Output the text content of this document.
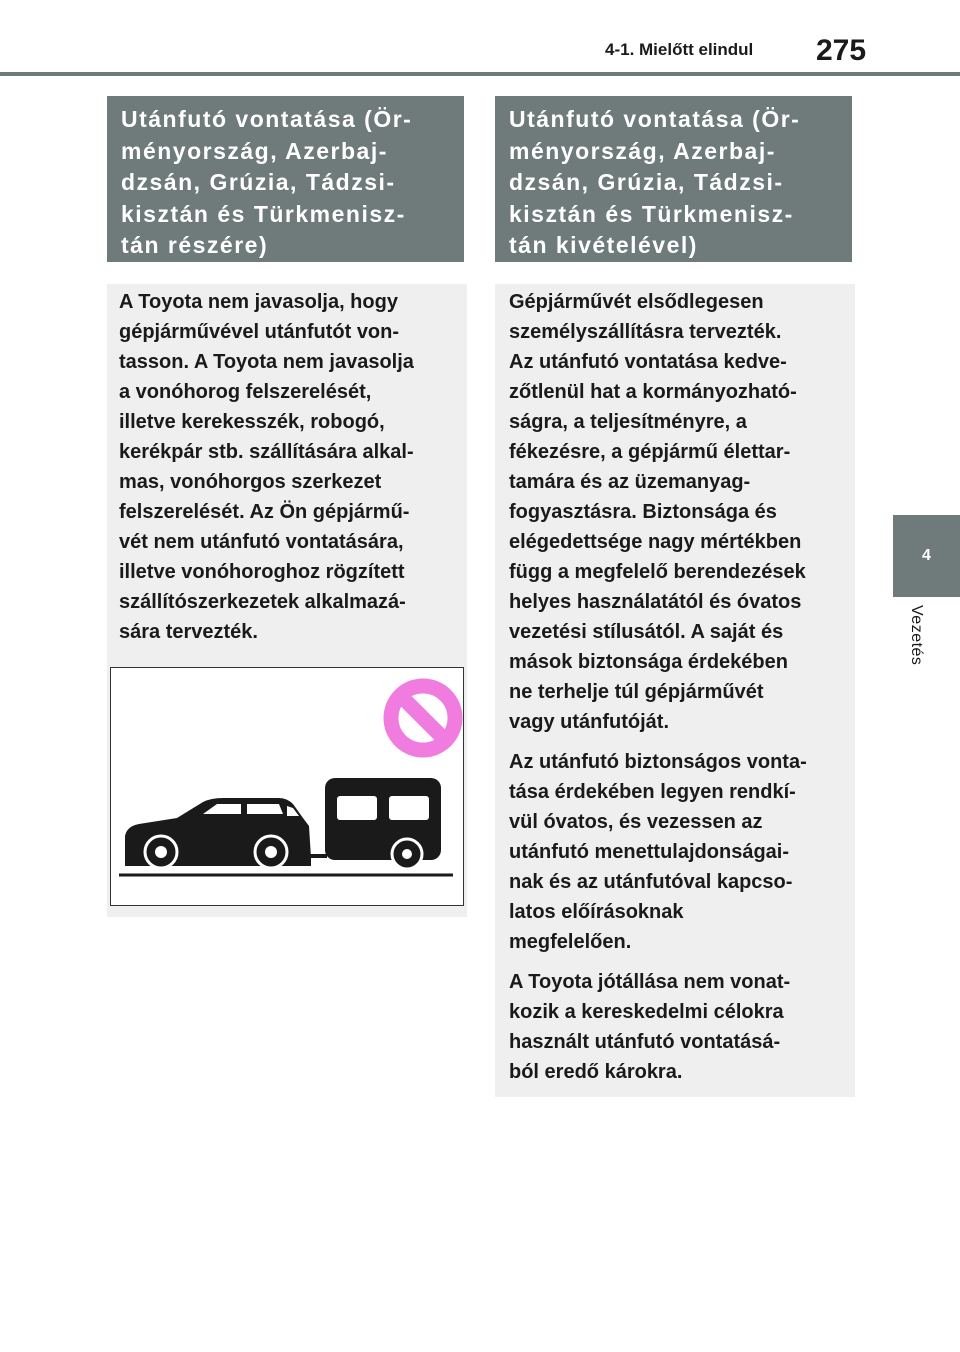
4-1. Mielőtt elindul	275
4
Vezetés
Utánfutó vontatása (Ör-
ményország, Azerbaj-
dzsán, Grúzia, Tádzsi-
kisztán és Türkmenisz-
tán részére)
A Toyota nem javasolja, hogy
gépjárművével utánfutót von-
tasson. A Toyota nem javasolja
a vonóhorog felszerelését,
illetve kerekesszék, robogó,
kerékpár stb. szállítására alkal-
mas, vonóhorgos szerkezet
felszerelését. Az Ön gépjármű-
vét nem utánfutó vontatására,
illetve vonóhoroghoz rögzített
szállítószerkezetek alkalmazá-
sára tervezték.
Utánfutó vontatása (Ör-
ményország, Azerbaj-
dzsán, Grúzia, Tádzsi-
kisztán és Türkmenisz-
tán kivételével)
Gépjárművét elsődlegesen
személyszállításra tervezték.
Az utánfutó vontatása kedve-
zőtlenül hat a kormányozható-
ságra, a teljesítményre, a
fékezésre, a gépjármű élettar-
tamára és az üzemanyag-
fogyasztásra. Biztonsága és
elégedettsége nagy mértékben
függ a megfelelő berendezések
helyes használatától és óvatos
vezetési stílusától. A saját és
mások biztonsága érdekében
ne terhelje túl gépjárművét
vagy utánfutóját.
Az utánfutó biztonságos vonta-
tása érdekében legyen rendkí-
vül óvatos, és vezessen az
utánfutó menettulajdonságai-
nak és az utánfutóval kapcso-
latos előírásoknak
megfelelően.
A Toyota jótállása nem vonat-
kozik a kereskedelmi célokra
használt utánfutó vontatásá-
ból eredő károkra.
